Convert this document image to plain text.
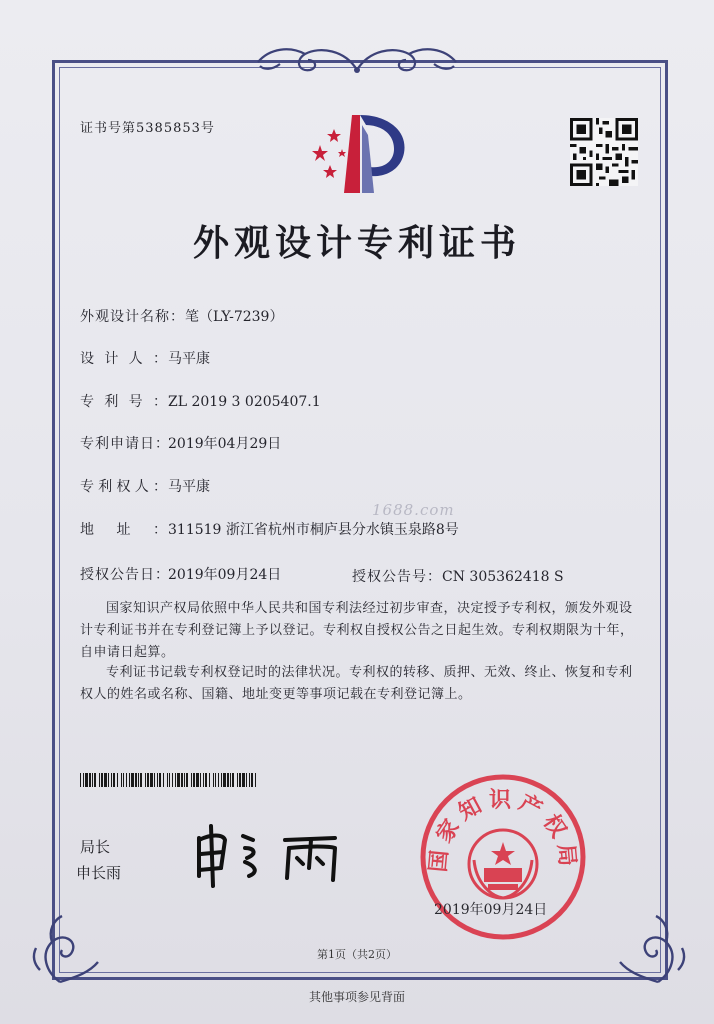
证书号第5385853号
外观设计专利证书
外观设计名称：笔（LY-7239）
设计人：马平康
专利号：ZL 2019 3 0205407.1
专利申请日：2019年04月29日
专利权人：马平康
地址：311519 浙江省杭州市桐庐县分水镇玉泉路8号
授权公告日：2019年09月24日	授权公告号：CN 305362418 S
1688.com
国家知识产权局依照中华人民共和国专利法经过初步审查，决定授予专利权，颁发外观设计专利证书并在专利登记簿上予以登记。专利权自授权公告之日起生效。专利权期限为十年，自申请日起算。
专利证书记载专利权登记时的法律状况。专利权的转移、质押、无效、终止、恢复和专利权人的姓名或名称、国籍、地址变更等事项记载在专利登记簿上。
局长
申长雨	国家知识产权局
2019年09月24日
第1页（共2页）
其他事项参见背面
